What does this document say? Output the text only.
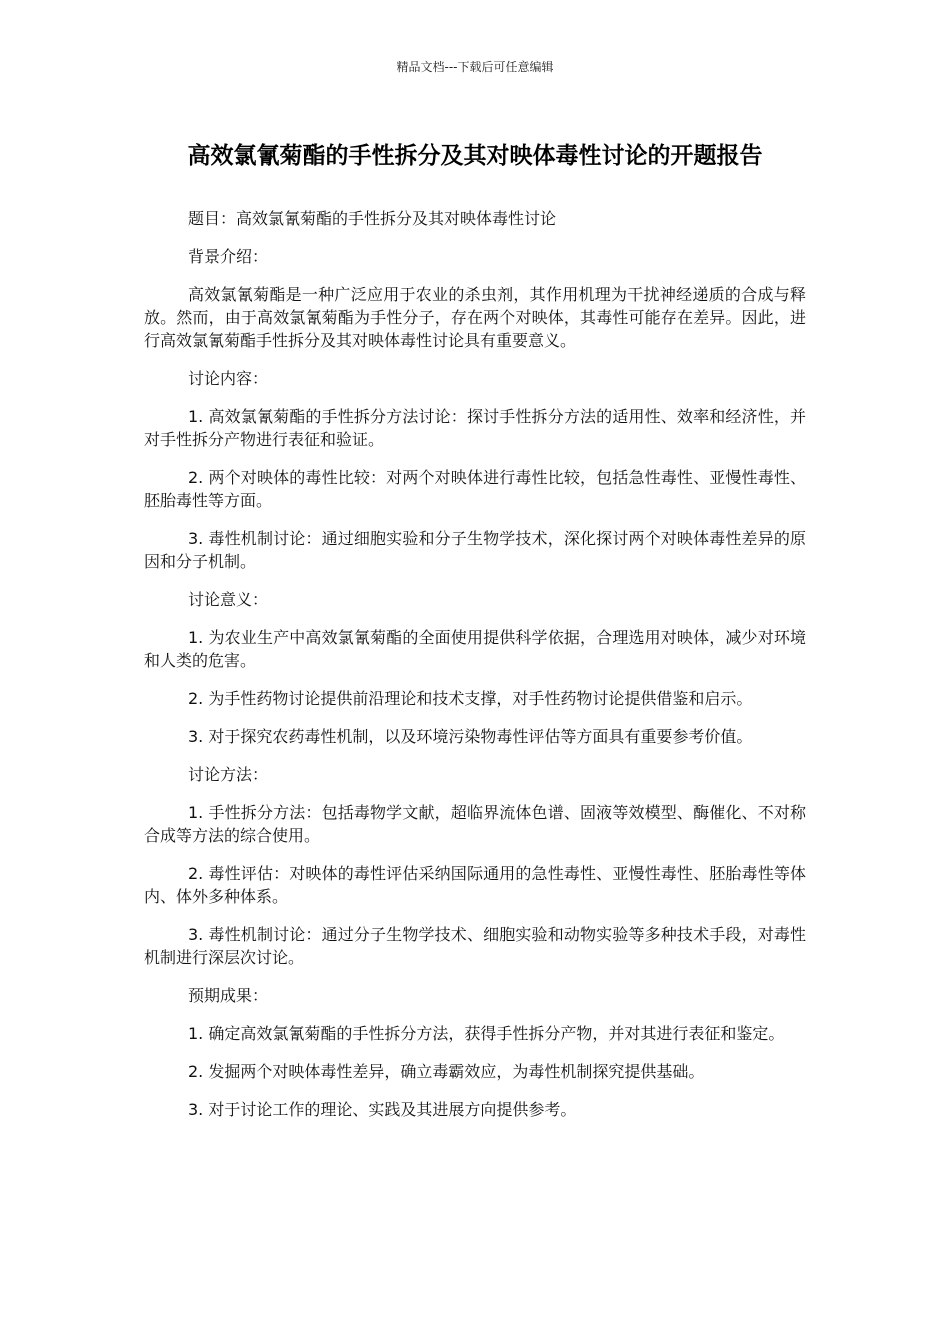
精品文档---下载后可任意编辑
高效氯氰菊酯的手性拆分及其对映体毒性讨论的开题报告

题目：高效氯氰菊酯的手性拆分及其对映体毒性讨论

背景介绍：

高效氯氰菊酯是一种广泛应用于农业的杀虫剂，其作用机理为干扰神经递质的合成与释放。然而，由于高效氯氰菊酯为手性分子，存在两个对映体，其毒性可能存在差异。因此，进行高效氯氰菊酯手性拆分及其对映体毒性讨论具有重要意义。

讨论内容：

1. 高效氯氰菊酯的手性拆分方法讨论：探讨手性拆分方法的适用性、效率和经济性，并对手性拆分产物进行表征和验证。

2. 两个对映体的毒性比较：对两个对映体进行毒性比较，包括急性毒性、亚慢性毒性、胚胎毒性等方面。

3. 毒性机制讨论：通过细胞实验和分子生物学技术，深化探讨两个对映体毒性差异的原因和分子机制。

讨论意义：

1. 为农业生产中高效氯氰菊酯的全面使用提供科学依据，合理选用对映体，减少对环境和人类的危害。

2. 为手性药物讨论提供前沿理论和技术支撑，对手性药物讨论提供借鉴和启示。

3. 对于探究农药毒性机制，以及环境污染物毒性评估等方面具有重要参考价值。

讨论方法：

1. 手性拆分方法：包括毒物学文献，超临界流体色谱、固液等效模型、酶催化、不对称合成等方法的综合使用。

2. 毒性评估：对映体的毒性评估采纳国际通用的急性毒性、亚慢性毒性、胚胎毒性等体内、体外多种体系。

3. 毒性机制讨论：通过分子生物学技术、细胞实验和动物实验等多种技术手段，对毒性机制进行深层次讨论。

预期成果：

1. 确定高效氯氰菊酯的手性拆分方法，获得手性拆分产物，并对其进行表征和鉴定。

2. 发掘两个对映体毒性差异，确立毒霸效应，为毒性机制探究提供基础。

3. 对于讨论工作的理论、实践及其进展方向提供参考。
